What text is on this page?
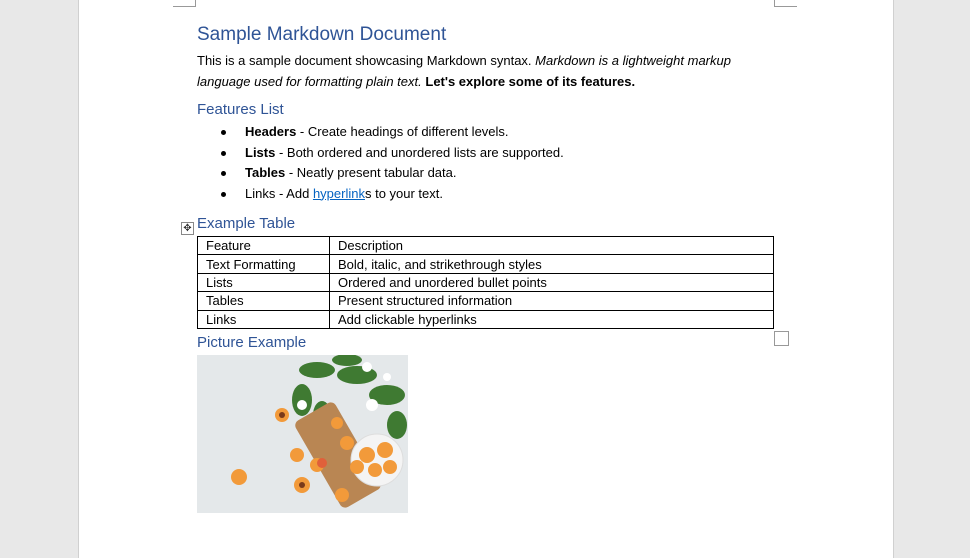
Sample Markdown Document
This is a sample document showcasing Markdown syntax. Markdown is a lightweight markup language used for formatting plain text. Let's explore some of its features.
Features List
Headers - Create headings of different levels.
Lists - Both ordered and unordered lists are supported.
Tables - Neatly present tabular data.
Links - Add hyperlinks to your text.
✥ Example Table
Feature	Description
Text Formatting	Bold, italic, and strikethrough styles
Lists	Ordered and unordered bullet points
Tables	Present structured information
Links	Add clickable hyperlinks
Picture Example
